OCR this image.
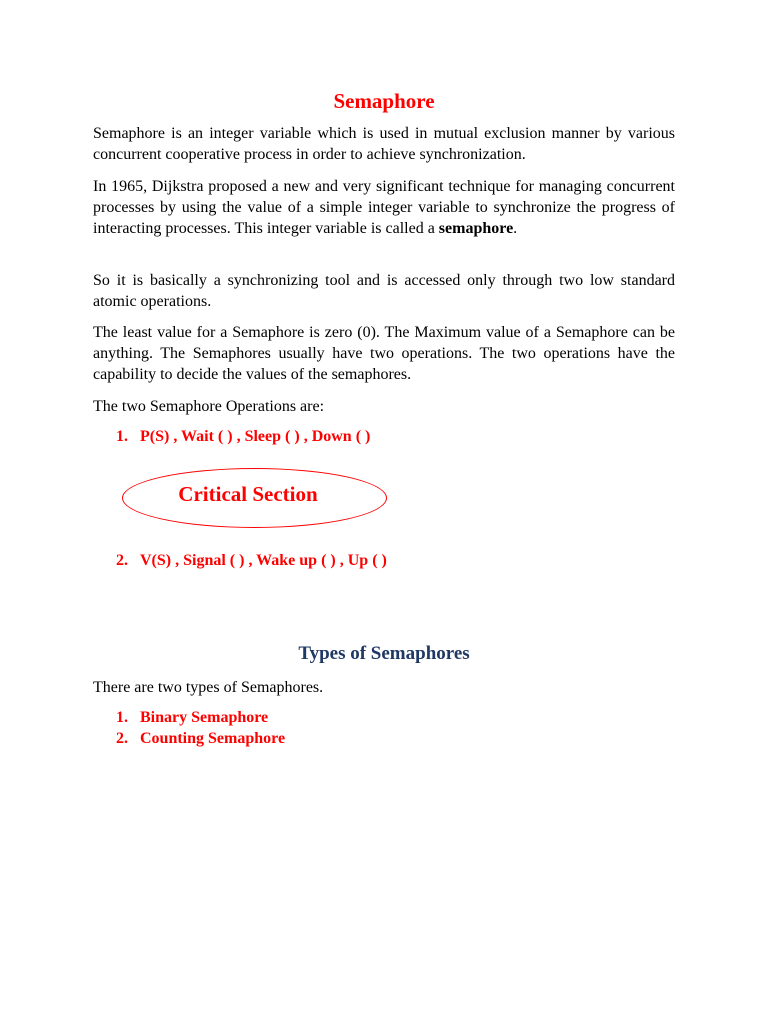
Semaphore

Semaphore is an integer variable which is used in mutual exclusion manner by various concurrent cooperative process in order to achieve synchronization.

In 1965, Dijkstra proposed a new and very significant technique for managing concurrent processes by using the value of a simple integer variable to synchronize the progress of interacting processes. This integer variable is called a semaphore.

So it is basically a synchronizing tool and is accessed only through two low standard atomic operations.

The least value for a Semaphore is zero (0). The Maximum value of a Semaphore can be anything. The Semaphores usually have two operations. The two operations have the capability to decide the values of the semaphores.

The two Semaphore Operations are:

1. P(S) , Wait ( ) , Sleep ( ) , Down ( )
Critical Section
2. V(S) , Signal ( ) , Wake up ( ) , Up ( )
Types of Semaphores

There are two types of Semaphores.

1. Binary Semaphore
2. Counting Semaphore
